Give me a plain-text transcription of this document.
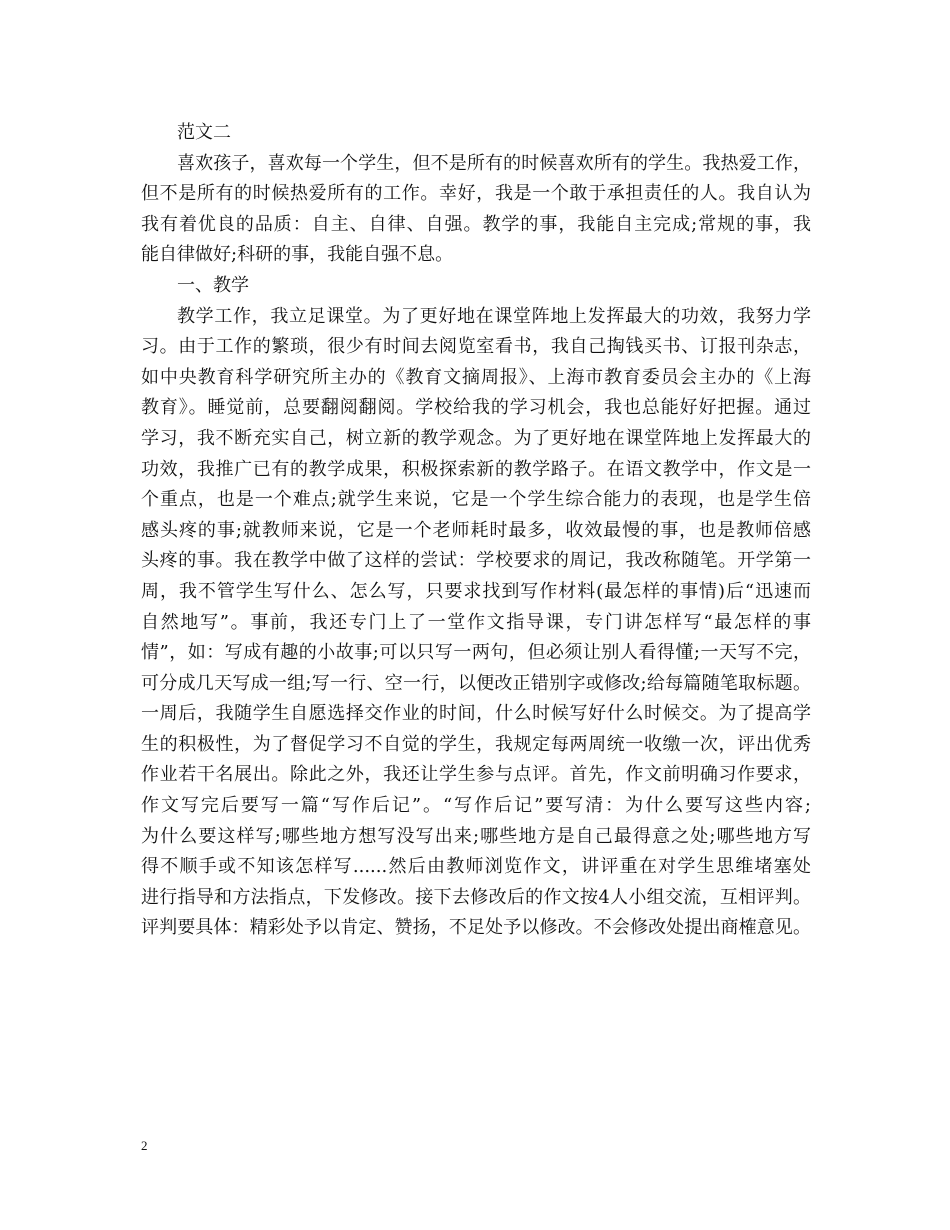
范文二
喜欢孩子，喜欢每一个学生，但不是所有的时候喜欢所有的学生。我热爱工作，
但不是所有的时候热爱所有的工作。幸好，我是一个敢于承担责任的人。我自认为
我有着优良的品质：自主、自律、自强。教学的事，我能自主完成;常规的事，我
能自律做好;科研的事，我能自强不息。
一、教学
教学工作，我立足课堂。为了更好地在课堂阵地上发挥最大的功效，我努力学
习。由于工作的繁琐，很少有时间去阅览室看书，我自己掏钱买书、订报刊杂志，
如中央教育科学研究所主办的《教育文摘周报》、上海市教育委员会主办的《上海
教育》。睡觉前，总要翻阅翻阅。学校给我的学习机会，我也总能好好把握。通过
学习，我不断充实自己，树立新的教学观念。为了更好地在课堂阵地上发挥最大的
功效，我推广已有的教学成果，积极探索新的教学路子。在语文教学中，作文是一
个重点，也是一个难点;就学生来说，它是一个学生综合能力的表现，也是学生倍
感头疼的事;就教师来说，它是一个老师耗时最多，收效最慢的事，也是教师倍感
头疼的事。我在教学中做了这样的尝试：学校要求的周记，我改称随笔。开学第一
周，我不管学生写什么、怎么写，只要求找到写作材料(最怎样的事情)后“迅速而
自然地写”。事前，我还专门上了一堂作文指导课，专门讲怎样写“最怎样的事
情”，如：写成有趣的小故事;可以只写一两句，但必须让别人看得懂;一天写不完，
可分成几天写成一组;写一行、空一行，以便改正错别字或修改;给每篇随笔取标题。
一周后，我随学生自愿选择交作业的时间，什么时候写好什么时候交。为了提高学
生的积极性，为了督促学习不自觉的学生，我规定每两周统一收缴一次，评出优秀
作业若干名展出。除此之外，我还让学生参与点评。首先，作文前明确习作要求，
作文写完后要写一篇“写作后记”。“写作后记”要写清：为什么要写这些内容;
为什么要这样写;哪些地方想写没写出来;哪些地方是自己最得意之处;哪些地方写
得不顺手或不知该怎样写......然后由教师浏览作文，讲评重在对学生思维堵塞处
进行指导和方法指点，下发修改。接下去修改后的作文按4人小组交流，互相评判。
评判要具体：精彩处予以肯定、赞扬，不足处予以修改。不会修改处提出商榷意见。
2
